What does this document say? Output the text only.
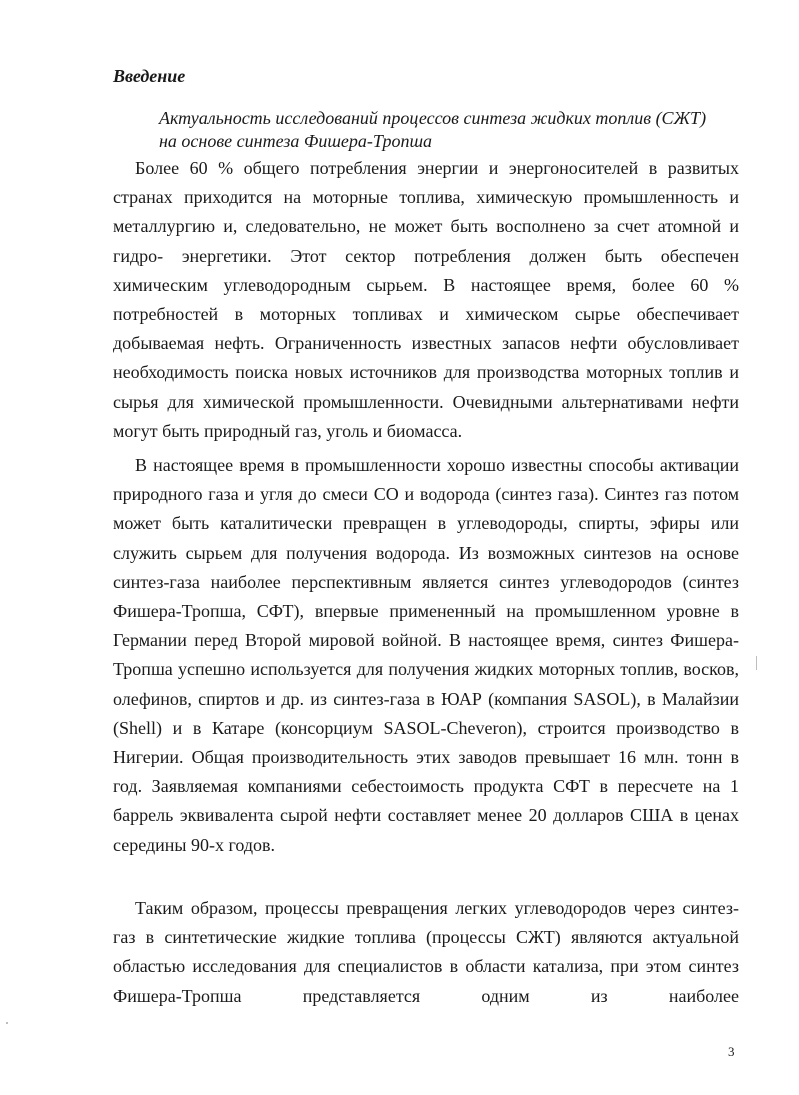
Введение

Актуальность исследований процессов синтеза жидких топлив (СЖТ)
на основе синтеза Фишера-Тропша

Более 60 % общего потребления энергии и энергоносителей в развитых странах приходится на моторные топлива, химическую промышленность и металлургию и, следовательно, не может быть восполнено за счет атомной и гидро- энергетики. Этот сектор потребления должен быть обеспечен химическим углеводородным сырьем. В настоящее время, более 60 % потребностей в моторных топливах и химическом сырье обеспечивает добываемая нефть. Ограниченность известных запасов нефти обусловливает необходимость поиска новых источников для производства моторных топлив и сырья для химической промышленности. Очевидными альтернативами нефти могут быть природный газ, уголь и биомасса.

В настоящее время в промышленности хорошо известны способы активации природного газа и угля до смеси СО и водорода (синтез газа). Синтез газ потом может быть каталитически превращен в углеводороды, спирты, эфиры или служить сырьем для получения водорода. Из возможных синтезов на основе синтез-газа наиболее перспективным является синтез углеводородов (синтез Фишера-Тропша, СФТ), впервые примененный на промышленном уровне в Германии перед Второй мировой войной. В настоящее время, синтез Фишера-Тропша успешно используется для получения жидких моторных топлив, восков, олефинов, спиртов и др. из синтез-газа в ЮАР (компания SASOL), в Малайзии (Shell) и в Катаре (консорциум SASOL-Cheveron), строится производство в Нигерии. Общая производительность этих заводов превышает 16 млн. тонн в год. Заявляемая компаниями себестоимость продукта СФТ в пересчете на 1 баррель эквивалента сырой нефти составляет менее 20 долларов США в ценах середины 90-х годов.

Таким образом, процессы превращения легких углеводородов через синтез-газ в синтетические жидкие топлива (процессы СЖТ) являются актуальной областью исследования для специалистов в области катализа, при этом синтез Фишера-Тропша представляется одним из наиболее

3
